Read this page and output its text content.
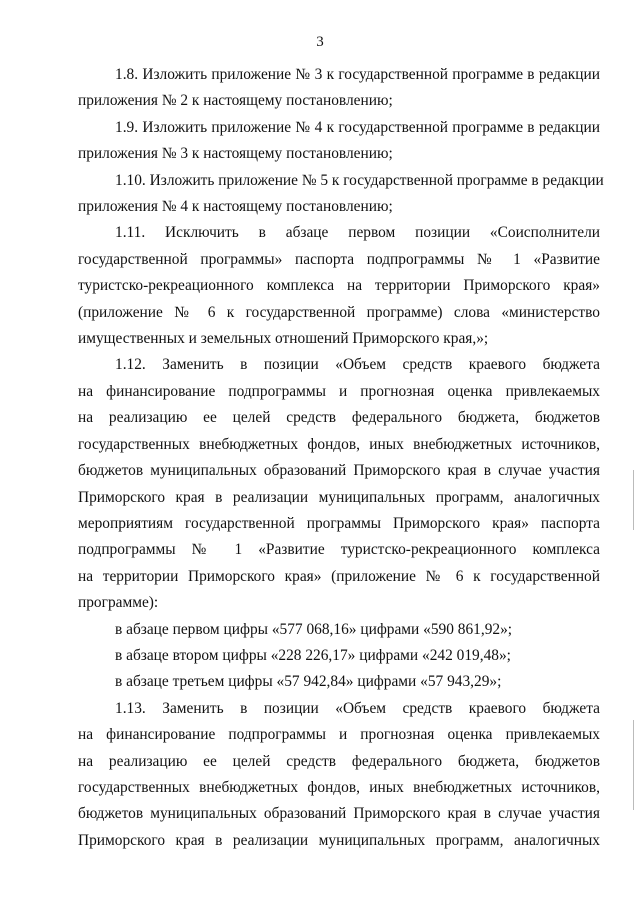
3

1.8. Изложить приложение № 3 к государственной программе в редакции
приложения № 2 к настоящему постановлению;

1.9. Изложить приложение № 4 к государственной программе в редакции
приложения № 3 к настоящему постановлению;

1.10. Изложить приложение № 5 к государственной программе в редакции
приложения № 4 к настоящему постановлению;

1.11. Исключить в абзаце первом позиции «Соисполнители
государственной программы» паспорта подпрограммы № 1 «Развитие
туристско-рекреационного комплекса на территории Приморского края»
(приложение № 6 к государственной программе) слова «министерство
имущественных и земельных отношений Приморского края,»;

1.12. Заменить в позиции «Объем средств краевого бюджета
на финансирование подпрограммы и прогнозная оценка привлекаемых
на реализацию ее целей средств федерального бюджета, бюджетов
государственных внебюджетных фондов, иных внебюджетных источников,
бюджетов муниципальных образований Приморского края в случае участия
Приморского края в реализации муниципальных программ, аналогичных
мероприятиям государственной программы Приморского края» паспорта
подпрограммы № 1 «Развитие туристско-рекреационного комплекса
на территории Приморского края» (приложение № 6 к государственной
программе):

в абзаце первом цифры «577 068,16» цифрами «590 861,92»;

в абзаце втором цифры «228 226,17» цифрами «242 019,48»;

в абзаце третьем цифры «57 942,84» цифрами «57 943,29»;

1.13. Заменить в позиции «Объем средств краевого бюджета
на финансирование подпрограммы и прогнозная оценка привлекаемых
на реализацию ее целей средств федерального бюджета, бюджетов
государственных внебюджетных фондов, иных внебюджетных источников,
бюджетов муниципальных образований Приморского края в случае участия
Приморского края в реализации муниципальных программ, аналогичных
